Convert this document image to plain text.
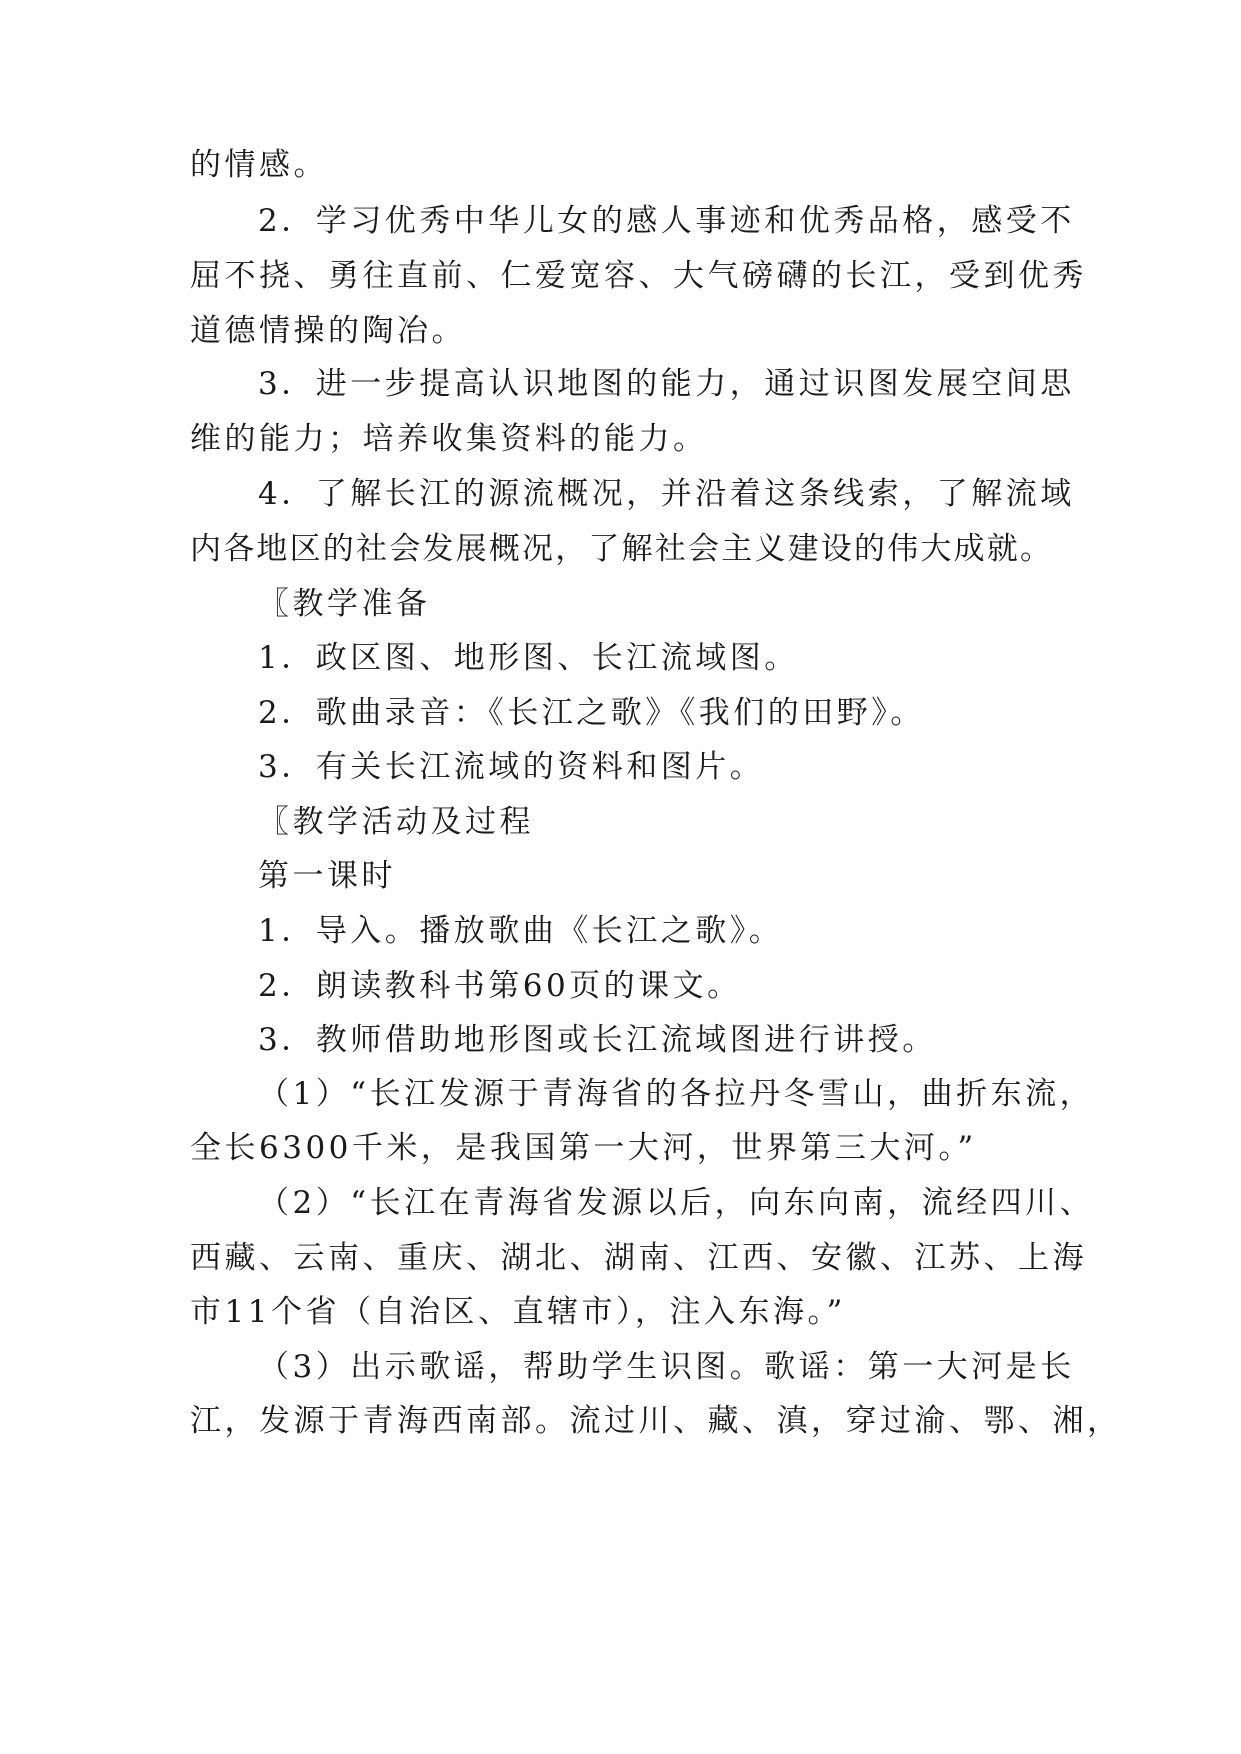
的情感。
2．学习优秀中华儿女的感人事迹和优秀品格，感受不
屈不挠、勇往直前、仁爱宽容、大气磅礴的长江，受到优秀
道德情操的陶冶。
3．进一步提高认识地图的能力，通过识图发展空间思
维的能力；培养收集资料的能力。
4．了解长江的源流概况，并沿着这条线索，了解流域
内各地区的社会发展概况，了解社会主义建设的伟大成就。
〖教学准备
1．政区图、地形图、长江流域图。
2．歌曲录音：《长江之歌》《我们的田野》。
3．有关长江流域的资料和图片。
〖教学活动及过程
第一课时
1．导入。播放歌曲《长江之歌》。
2．朗读教科书第60页的课文。
3．教师借助地形图或长江流域图进行讲授。
（1）“长江发源于青海省的各拉丹冬雪山，曲折东流，
全长6300千米，是我国第一大河，世界第三大河。”
（2）“长江在青海省发源以后，向东向南，流经四川、
西藏、云南、重庆、湖北、湖南、江西、安徽、江苏、上海
市11个省（自治区、直辖市），注入东海。”
（3）出示歌谣，帮助学生识图。歌谣：第一大河是长
江，发源于青海西南部。流过川、藏、滇，穿过渝、鄂、湘，
